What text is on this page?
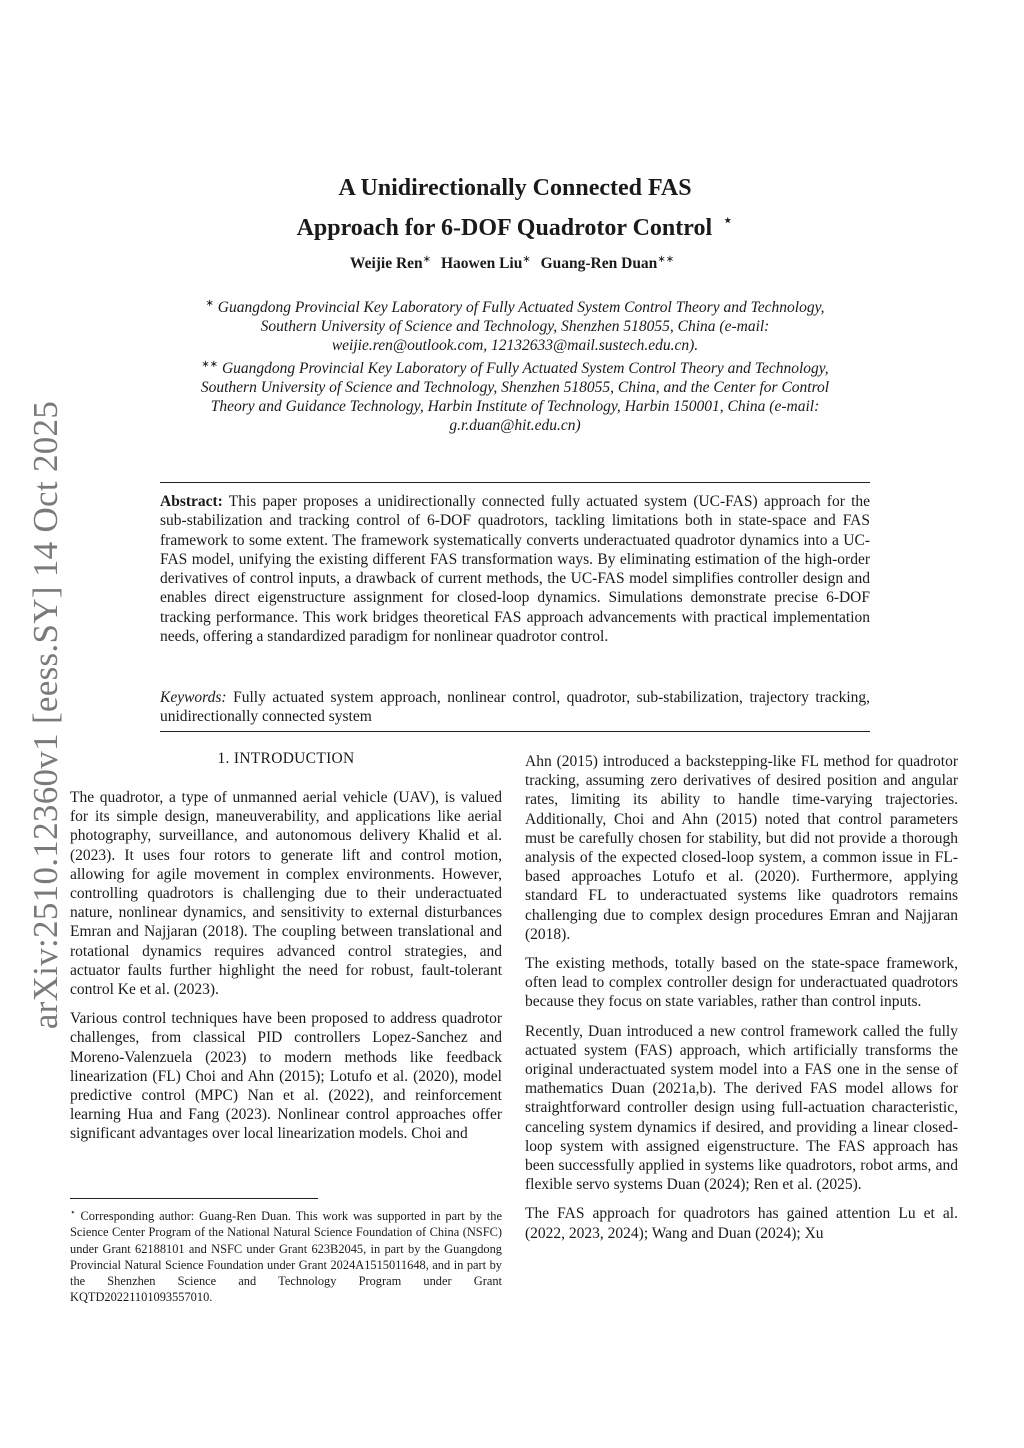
arXiv:2510.12360v1 [eess.SY] 14 Oct 2025
A Unidirectionally Connected FAS
Approach for 6-DOF Quadrotor Control ⋆
Weijie Ren∗ Haowen Liu∗ Guang-Ren Duan∗∗

∗ Guangdong Provincial Key Laboratory of Fully Actuated System Control Theory and Technology, Southern University of Science and Technology, Shenzhen 518055, China (e-mail: weijie.ren@outlook.com, 12132633@mail.sustech.edu.cn).

∗∗ Guangdong Provincial Key Laboratory of Fully Actuated System Control Theory and Technology, Southern University of Science and Technology, Shenzhen 518055, China, and the Center for Control Theory and Guidance Technology, Harbin Institute of Technology, Harbin 150001, China (e-mail: g.r.duan@hit.edu.cn)

Abstract: This paper proposes a unidirectionally connected fully actuated system (UC-FAS) approach for the sub-stabilization and tracking control of 6-DOF quadrotors, tackling limitations both in state-space and FAS framework to some extent. The framework systematically converts underactuated quadrotor dynamics into a UC-FAS model, unifying the existing different FAS transformation ways. By eliminating estimation of the high-order derivatives of control inputs, a drawback of current methods, the UC-FAS model simplifies controller design and enables direct eigenstructure assignment for closed-loop dynamics. Simulations demonstrate precise 6-DOF tracking performance. This work bridges theoretical FAS approach advancements with practical implementation needs, offering a standardized paradigm for nonlinear quadrotor control.
Keywords: Fully actuated system approach, nonlinear control, quadrotor, sub-stabilization, trajectory tracking, unidirectionally connected system
1. INTRODUCTION

The quadrotor, a type of unmanned aerial vehicle (UAV), is valued for its simple design, maneuverability, and applications like aerial photography, surveillance, and autonomous delivery Khalid et al. (2023). It uses four rotors to generate lift and control motion, allowing for agile movement in complex environments. However, controlling quadrotors is challenging due to their underactuated nature, nonlinear dynamics, and sensitivity to external disturbances Emran and Najjaran (2018). The coupling between translational and rotational dynamics requires advanced control strategies, and actuator faults further highlight the need for robust, fault-tolerant control Ke et al. (2023).

Various control techniques have been proposed to address quadrotor challenges, from classical PID controllers Lopez-Sanchez and Moreno-Valenzuela (2023) to modern methods like feedback linearization (FL) Choi and Ahn (2015); Lotufo et al. (2020), model predictive control (MPC) Nan et al. (2022), and reinforcement learning Hua and Fang (2023). Nonlinear control approaches offer significant advantages over local linearization models. Choi and

⋆ Corresponding author: Guang-Ren Duan. This work was supported in part by the Science Center Program of the National Natural Science Foundation of China (NSFC) under Grant 62188101 and NSFC under Grant 623B2045, in part by the Guangdong Provincial Natural Science Foundation under Grant 2024A1515011648, and in part by the Shenzhen Science and Technology Program under Grant KQTD20221101093557010.

Ahn (2015) introduced a backstepping-like FL method for quadrotor tracking, assuming zero derivatives of desired position and angular rates, limiting its ability to handle time-varying trajectories. Additionally, Choi and Ahn (2015) noted that control parameters must be carefully chosen for stability, but did not provide a thorough analysis of the expected closed-loop system, a common issue in FL-based approaches Lotufo et al. (2020). Furthermore, applying standard FL to underactuated systems like quadrotors remains challenging due to complex design procedures Emran and Najjaran (2018).

The existing methods, totally based on the state-space framework, often lead to complex controller design for underactuated quadrotors because they focus on state variables, rather than control inputs.

Recently, Duan introduced a new control framework called the fully actuated system (FAS) approach, which artificially transforms the original underactuated system model into a FAS one in the sense of mathematics Duan (2021a,b). The derived FAS model allows for straightforward controller design using full-actuation characteristic, canceling system dynamics if desired, and providing a linear closed-loop system with assigned eigenstructure. The FAS approach has been successfully applied in systems like quadrotors, robot arms, and flexible servo systems Duan (2024); Ren et al. (2025).

The FAS approach for quadrotors has gained attention Lu et al. (2022, 2023, 2024); Wang and Duan (2024); Xu
